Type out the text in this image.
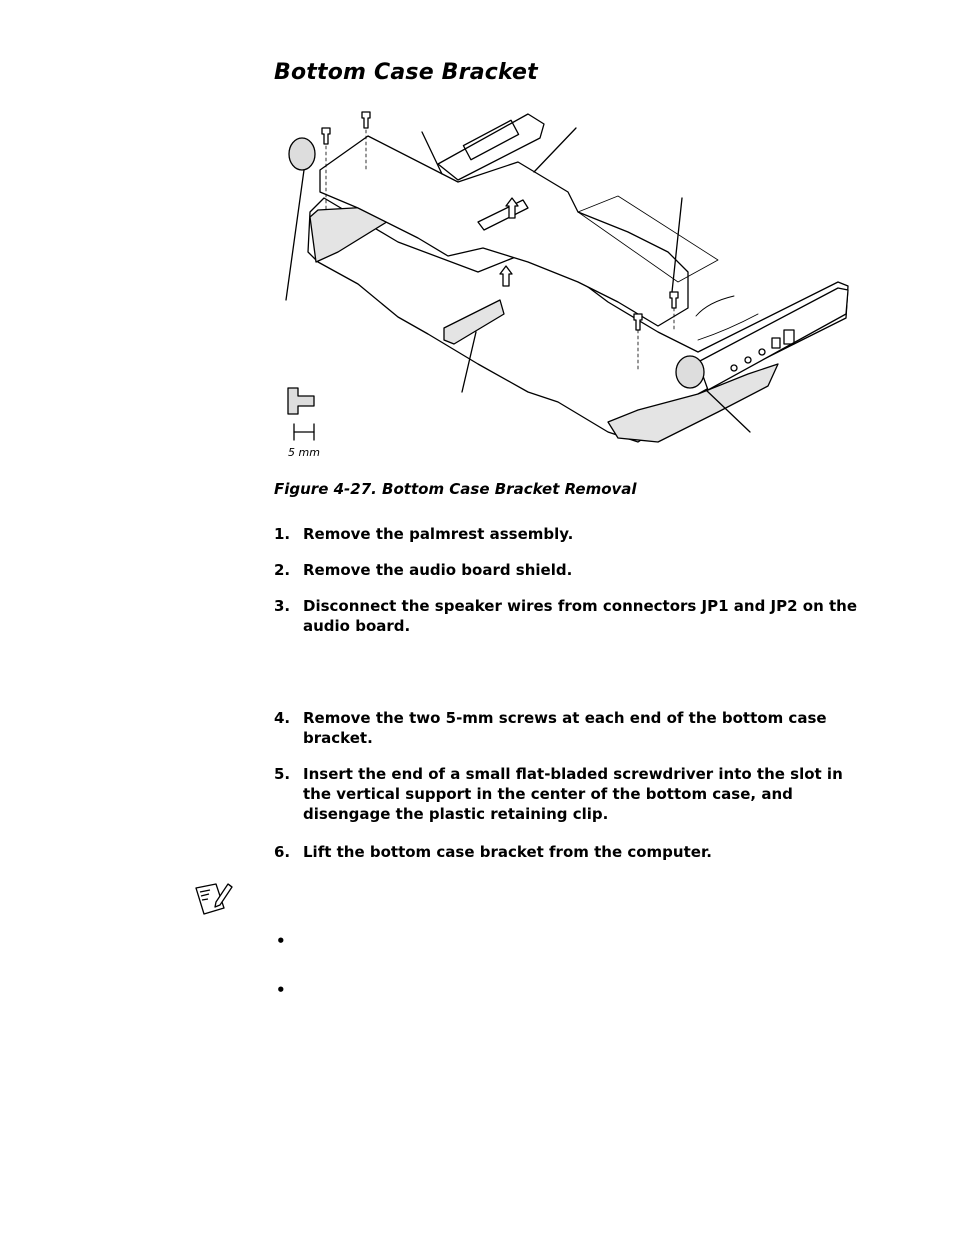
Bottom Case Bracket
5 mm

Figure 4-27. Bottom Case Bracket Removal

1. Remove the palmrest assembly.
2. Remove the audio board shield.
3. Disconnect the speaker wires from connectors JP1 and JP2 on the audio board.
4. Remove the two 5-mm screws at each end of the bottom case bracket.
5. Insert the end of a small flat-bladed screwdriver into the slot in the vertical support in the center of the bottom case, and disengage the plastic retaining clip.
6. Lift the bottom case bracket from the computer.
•
•
